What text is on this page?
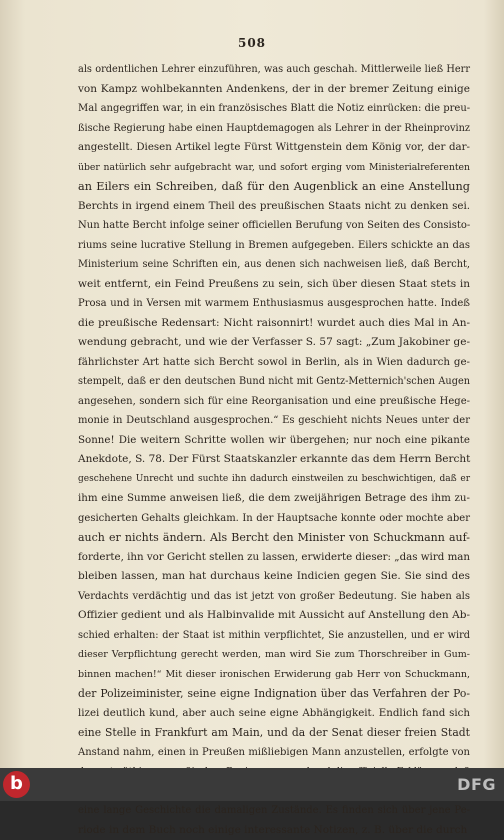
508
als ordentlichen Lehrer einzuführen, was auch geschah. Mittlerweile ließ Herr
von Kampz wohlbekannten Andenkens, der in der bremer Zeitung einige
Mal angegriffen war, in ein französisches Blatt die Notiz einrücken: die preu-
ßische Regierung habe einen Hauptdemagogen als Lehrer in der Rheinprovinz
angestellt. Diesen Artikel legte Fürst Wittgenstein dem König vor, der dar-
über natürlich sehr aufgebracht war, und sofort erging vom Ministerialreferenten
an Eilers ein Schreiben, daß für den Augenblick an eine Anstellung
Berchts in irgend einem Theil des preußischen Staats nicht zu denken sei.
Nun hatte Bercht infolge seiner officiellen Berufung von Seiten des Consisto-
riums seine lucrative Stellung in Bremen aufgegeben. Eilers schickte an das
Ministerium seine Schriften ein, aus denen sich nachweisen ließ, daß Bercht,
weit entfernt, ein Feind Preußens zu sein, sich über diesen Staat stets in
Prosa und in Versen mit warmem Enthusiasmus ausgesprochen hatte. Indeß
die preußische Redensart: Nicht raisonnirt! wurdet auch dies Mal in An-
wendung gebracht, und wie der Verfasser S. 57 sagt: „Zum Jakobiner ge-
fährlichster Art hatte sich Bercht sowol in Berlin, als in Wien dadurch ge-
stempelt, daß er den deutschen Bund nicht mit Gentz-Metternich'schen Augen
angesehen, sondern sich für eine Reorganisation und eine preußische Hege-
monie in Deutschland ausgesprochen.“ Es geschieht nichts Neues unter der
Sonne! Die weitern Schritte wollen wir übergehen; nur noch eine pikante
Anekdote, S. 78. Der Fürst Staatskanzler erkannte das dem Herrn Bercht
geschehene Unrecht und suchte ihn dadurch einstweilen zu beschwichtigen, daß er
ihm eine Summe anweisen ließ, die dem zweijährigen Betrage des ihm zu-
gesicherten Gehalts gleichkam. In der Hauptsache konnte oder mochte aber
auch er nichts ändern. Als Bercht den Minister von Schuckmann auf-
forderte, ihn vor Gericht stellen zu lassen, erwiderte dieser: „das wird man
bleiben lassen, man hat durchaus keine Indicien gegen Sie. Sie sind des
Verdachts verdächtig und das ist jetzt von großer Bedeutung. Sie haben als
Offizier gedient und als Halbinvalide mit Aussicht auf Anstellung den Ab-
schied erhalten: der Staat ist mithin verpflichtet, Sie anzustellen, und er wird
dieser Verpflichtung gerecht werden, man wird Sie zum Thorschreiber in Gum-
binnen machen!“ Mit dieser ironischen Erwiderung gab Herr von Schuckmann,
der Polizeiminister, seine eigne Indignation über das Verfahren der Po-
lizei deutlich kund, aber auch seine eigne Abhängigkeit. Endlich fand sich
eine Stelle in Frankfurt am Main, und da der Senat dieser freien Stadt
Anstand nahm, einen in Preußen mißliebigen Mann anzustellen, erfolgte von
eine lange Geschichte die damaligen Zustände. Es finden sich über jene Pe-
riode in dem Buch noch einige interessante Notizen, z. B. über die durch
b	DFG
